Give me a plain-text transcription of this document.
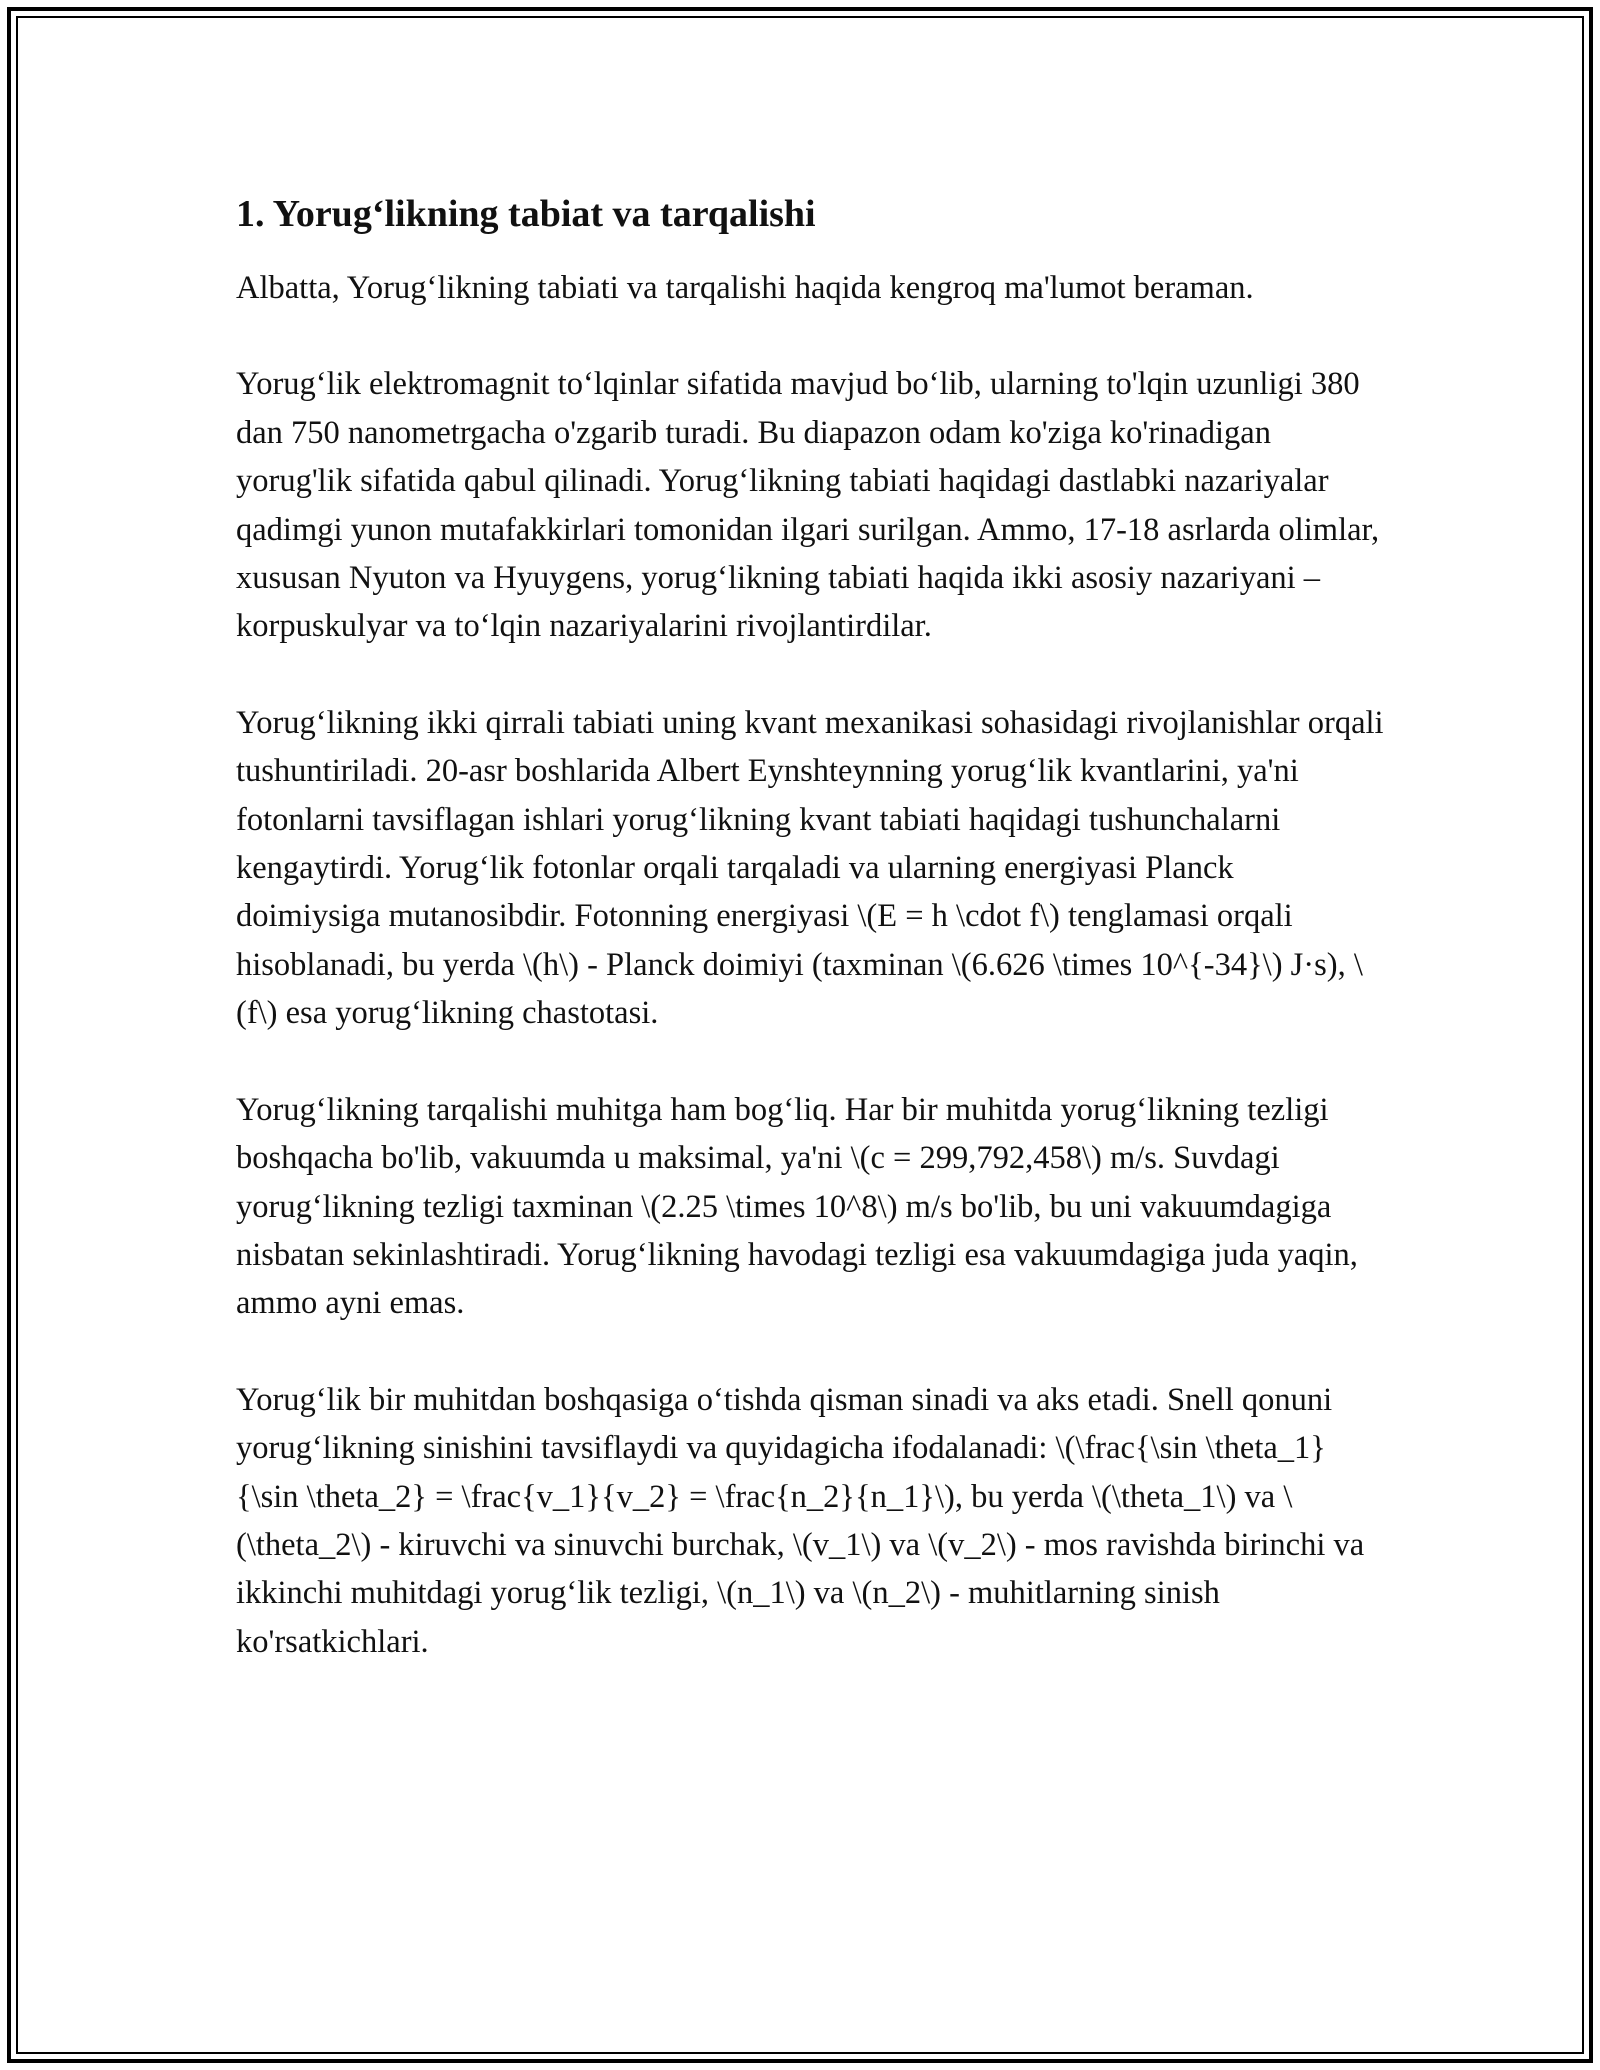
1. Yorug‘likning tabiat va tarqalishi

Albatta, Yorug‘likning tabiati va tarqalishi haqida kengroq ma'lumot beraman.

Yorug‘lik elektromagnit to‘lqinlar sifatida mavjud bo‘lib, ularning to'lqin uzunligi 380 dan 750 nanometrgacha o'zgarib turadi. Bu diapazon odam ko'ziga ko'rinadigan yorug'lik sifatida qabul qilinadi. Yorug‘likning tabiati haqidagi dastlabki nazariyalar qadimgi yunon mutafakkirlari tomonidan ilgari surilgan. Ammo, 17-18 asrlarda olimlar, xususan Nyuton va Hyuygens, yorug‘likning tabiati haqida ikki asosiy nazariyani – korpuskulyar va to‘lqin nazariyalarini rivojlantirdilar.

Yorug‘likning ikki qirrali tabiati uning kvant mexanikasi sohasidagi rivojlanishlar orqali tushuntiriladi. 20-asr boshlarida Albert Eynshteynning yorug‘lik kvantlarini, ya'ni fotonlarni tavsiflagan ishlari yorug‘likning kvant tabiati haqidagi tushunchalarni kengaytirdi. Yorug‘lik fotonlar orqali tarqaladi va ularning energiyasi Planck doimiysiga mutanosibdir. Fotonning energiyasi \(E = h \cdot f\) tenglamasi orqali hisoblanadi, bu yerda \(h\) - Planck doimiyi (taxminan \(6.626 \times 10^{-34}\) J·s), \(f\) esa yorug‘likning chastotasi.

Yorug‘likning tarqalishi muhitga ham bog‘liq. Har bir muhitda yorug‘likning tezligi boshqacha bo'lib, vakuumda u maksimal, ya'ni \(c = 299,792,458\) m/s. Suvdagi yorug‘likning tezligi taxminan \(2.25 \times 10^8\) m/s bo'lib, bu uni vakuumdagiga nisbatan sekinlashtiradi. Yorug‘likning havodagi tezligi esa vakuumdagiga juda yaqin, ammo ayni emas.

Yorug‘lik bir muhitdan boshqasiga o‘tishda qisman sinadi va aks etadi. Snell qonuni yorug‘likning sinishini tavsiflaydi va quyidagicha ifodalanadi: \(\frac{\sin \theta_1}{\sin \theta_2} = \frac{v_1}{v_2} = \frac{n_2}{n_1}\), bu yerda \(\theta_1\) va \(\theta_2\) - kiruvchi va sinuvchi burchak, \(v_1\) va \(v_2\) - mos ravishda birinchi va ikkinchi muhitdagi yorug‘lik tezligi, \(n_1\) va \(n_2\) - muhitlarning sinish ko'rsatkichlari.
